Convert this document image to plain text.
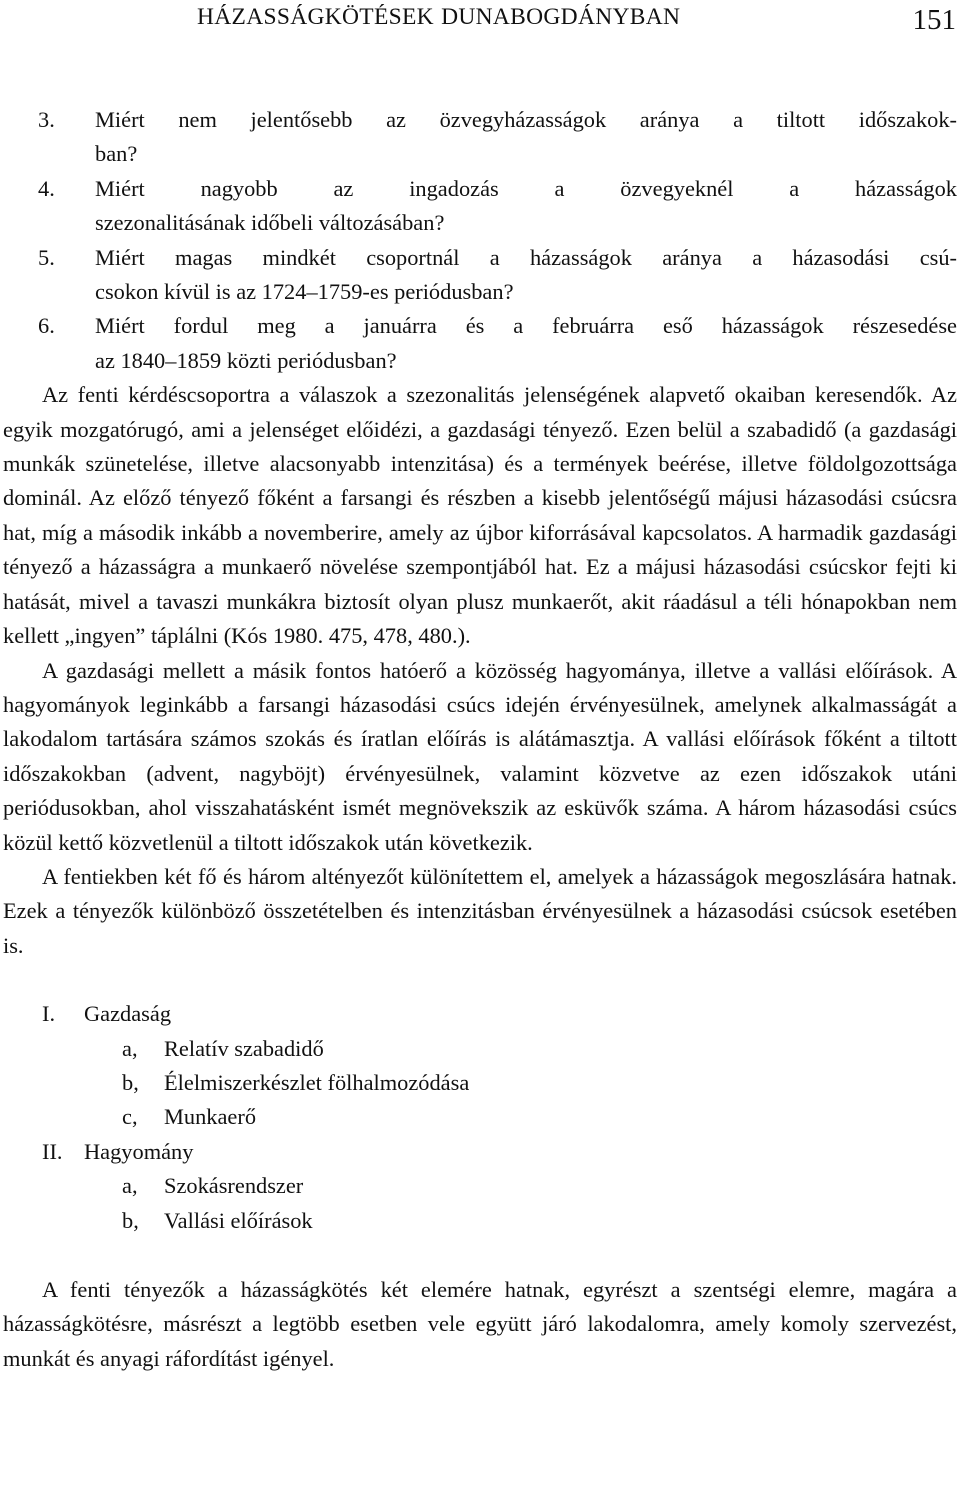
HÁZASSÁGKÖTÉSEK DUNABOGDÁNYBAN	151
3.	Miért nem jelentősebb az özvegyházasságok aránya a tiltott időszakok-
ban?
4.	Miért nagyobb az ingadozás a özvegyeknél a házasságok
szezonalitásának időbeli változásában?
5.	Miért magas mindkét csoportnál a házasságok aránya a házasodási csú-
csokon kívül is az 1724–1759-es periódusban?
6.	Miért fordul meg a januárra és a februárra eső házasságok részesedése
az 1840–1859 közti periódusban?

Az fenti kérdéscsoportra a válaszok a szezonalitás jelenségének alapvető okaiban keresendők. Az egyik mozgatórugó, ami a jelenséget előidézi, a gazdasági tényező. Ezen belül a szabadidő (a gazdasági munkák szünetelése, illetve alacsonyabb intenzitása) és a termények beérése, illetve földolgozottsága dominál. Az előző tényező főként a farsangi és részben a kisebb jelentőségű májusi házasodási csúcsra hat, míg a második inkább a novemberire, amely az újbor kiforrásával kapcsolatos. A harmadik gazdasági tényező a házasságra a munkaerő növelése szempontjából hat. Ez a májusi házasodási csúcskor fejti ki hatását, mivel a tavaszi munkákra biztosít olyan plusz munkaerőt, akit ráadásul a téli hónapokban nem kellett „ingyen” táplálni (Kós 1980. 475, 478, 480.).

A gazdasági mellett a másik fontos hatóerő a közösség hagyománya, illetve a vallási előírások. A hagyományok leginkább a farsangi házasodási csúcs idején érvényesülnek, amelynek alkalmasságát a lakodalom tartására számos szokás és íratlan előírás is alátámasztja. A vallási előírások főként a tiltott időszakokban (advent, nagyböjt) érvényesülnek, valamint közvetve az ezen időszakok utáni periódusokban, ahol visszahatásként ismét megnövekszik az esküvők száma. A három házasodási csúcs közül kettő közvetlenül a tiltott időszakok után következik.

A fentiekben két fő és három altényezőt különítettem el, amelyek a házasságok megoszlására hatnak. Ezek a tényezők különböző összetételben és intenzitásban érvényesülnek a házasodási csúcsok esetében is.

I.	Gazdaság
a,	Relatív szabadidő
b,	Élelmiszerkészlet fölhalmozódása
c,	Munkaerő
II. Hagyomány
a,	Szokásrendszer
b,	Vallási előírások

A fenti tényezők a házasságkötés két elemére hatnak, egyrészt a szentségi elemre, magára a házasságkötésre, másrészt a legtöbb esetben vele együtt járó lakodalomra, amely komoly szervezést, munkát és anyagi ráfordítást igényel.
